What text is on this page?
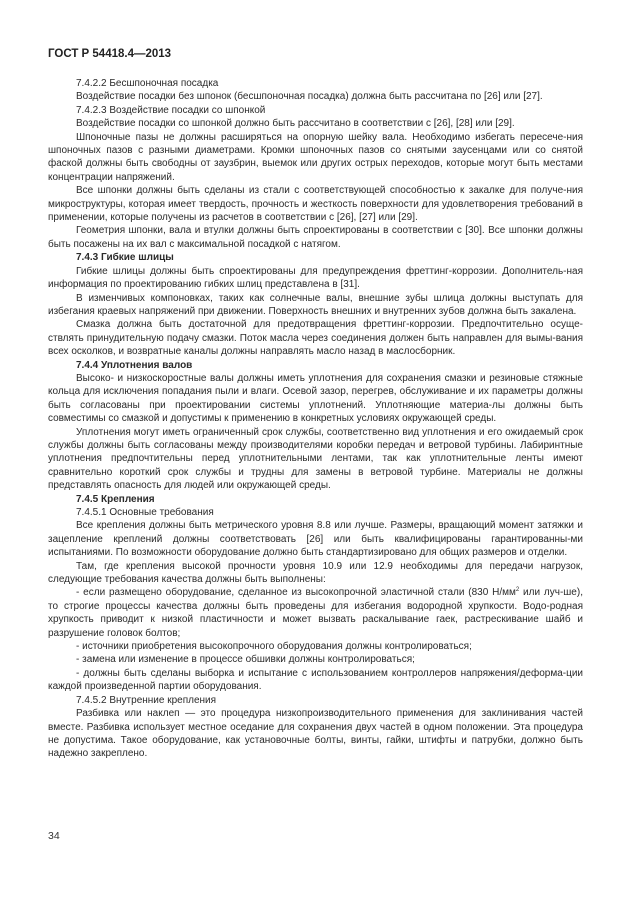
ГОСТ Р 54418.4—2013

7.4.2.2 Бесшпоночная посадка

Воздействие посадки без шпонок (бесшпоночная посадка) должна быть рассчитана по [26] или [27].

7.4.2.3 Воздействие посадки со шпонкой

Воздействие посадки со шпонкой должно быть рассчитано в соответствии с [26], [28] или [29].

Шпоночные пазы не должны расширяться на опорную шейку вала. Необходимо избегать пересече-ния шпоночных пазов с разными диаметрами. Кромки шпоночных пазов со снятыми заусенцами или со снятой фаской должны быть свободны от заузбрин, выемок или других острых переходов, которые могут быть местами концентрации напряжений.

Все шпонки должны быть сделаны из стали с соответствующей способностью к закалке для получе-ния микроструктуры, которая имеет твердость, прочность и жесткость поверхности для удовлетворения требований в применении, которые получены из расчетов в соответствии с [26], [27] или [29].

Геометрия шпонки, вала и втулки должны быть спроектированы в соответствии с [30]. Все шпонки должны быть посажены на их вал с максимальной посадкой с натягом.

7.4.3 Гибкие шлицы

Гибкие шлицы должны быть спроектированы для предупреждения фреттинг-коррозии. Дополнитель-ная информация по проектированию гибких шлиц представлена в [31].

В изменчивых компоновках, таких как солнечные валы, внешние зубы шлица должны выступать для избегания краевых напряжений при движении. Поверхность внешних и внутренних зубов должна быть закалена.

Смазка должна быть достаточной для предотвращения фреттинг-коррозии. Предпочтительно осуще-ствлять принудительную подачу смазки. Поток масла через соединения должен быть направлен для вымы-вания всех осколков, и возвратные каналы должны направлять масло назад в маслосборник.

7.4.4 Уплотнения валов

Высоко- и низкоскоростные валы должны иметь уплотнения для сохранения смазки и резиновые стяжные кольца для исключения попадания пыли и влаги. Осевой зазор, перегрев, обслуживание и их параметры должны быть согласованы при проектировании системы уплотнений. Уплотняющие материа-лы должны быть совместимы со смазкой и допустимы к применению в конкретных условиях окружающей среды.

Уплотнения могут иметь ограниченный срок службы, соответственно вид уплотнения и его ожидаемый срок службы должны быть согласованы между производителями коробки передач и ветровой турбины. Лабиринтные уплотнения предпочтительны перед уплотнительными лентами, так как уплотнительные ленты имеют сравнительно короткий срок службы и трудны для замены в ветровой турбине. Материалы не должны представлять опасность для людей или окружающей среды.

7.4.5 Крепления

7.4.5.1 Основные требования

Все крепления должны быть метрического уровня 8.8 или лучше. Размеры, вращающий момент затяжки и зацепление креплений должны соответствовать [26] или быть квалифицированы гарантированны-ми испытаниями. По возможности оборудование должно быть стандартизировано для общих размеров и отделки.

Там, где крепления высокой прочности уровня 10.9 или 12.9 необходимы для передачи нагрузок, следующие требования качества должны быть выполнены:

- если размещено оборудование, сделанное из высокопрочной эластичной стали (830 $Н/мм^2$ или луч-ше), то строгие процессы качества должны быть проведены для избегания водородной хрупкости. Водо-родная хрупкость приводит к низкой пластичности и может вызвать раскалывание гаек, растрескивание шайб и разрушение головок болтов;

- источники приобретения высокопрочного оборудования должны контролироваться;

- замена или изменение в процессе обшивки должны контролироваться;

- должны быть сделаны выборка и испытание с использованием контроллеров напряжения/деформа-ции каждой произведенной партии оборудования.

7.4.5.2 Внутренние крепления

Разбивка или наклеп — это процедура низкопроизводительного применения для заклинивания частей вместе. Разбивка использует местное оседание для сохранения двух частей в одном положении. Эта процедура не допустима. Такое оборудование, как установочные болты, винты, гайки, штифты и патрубки, должно быть надежно закреплено.

34
